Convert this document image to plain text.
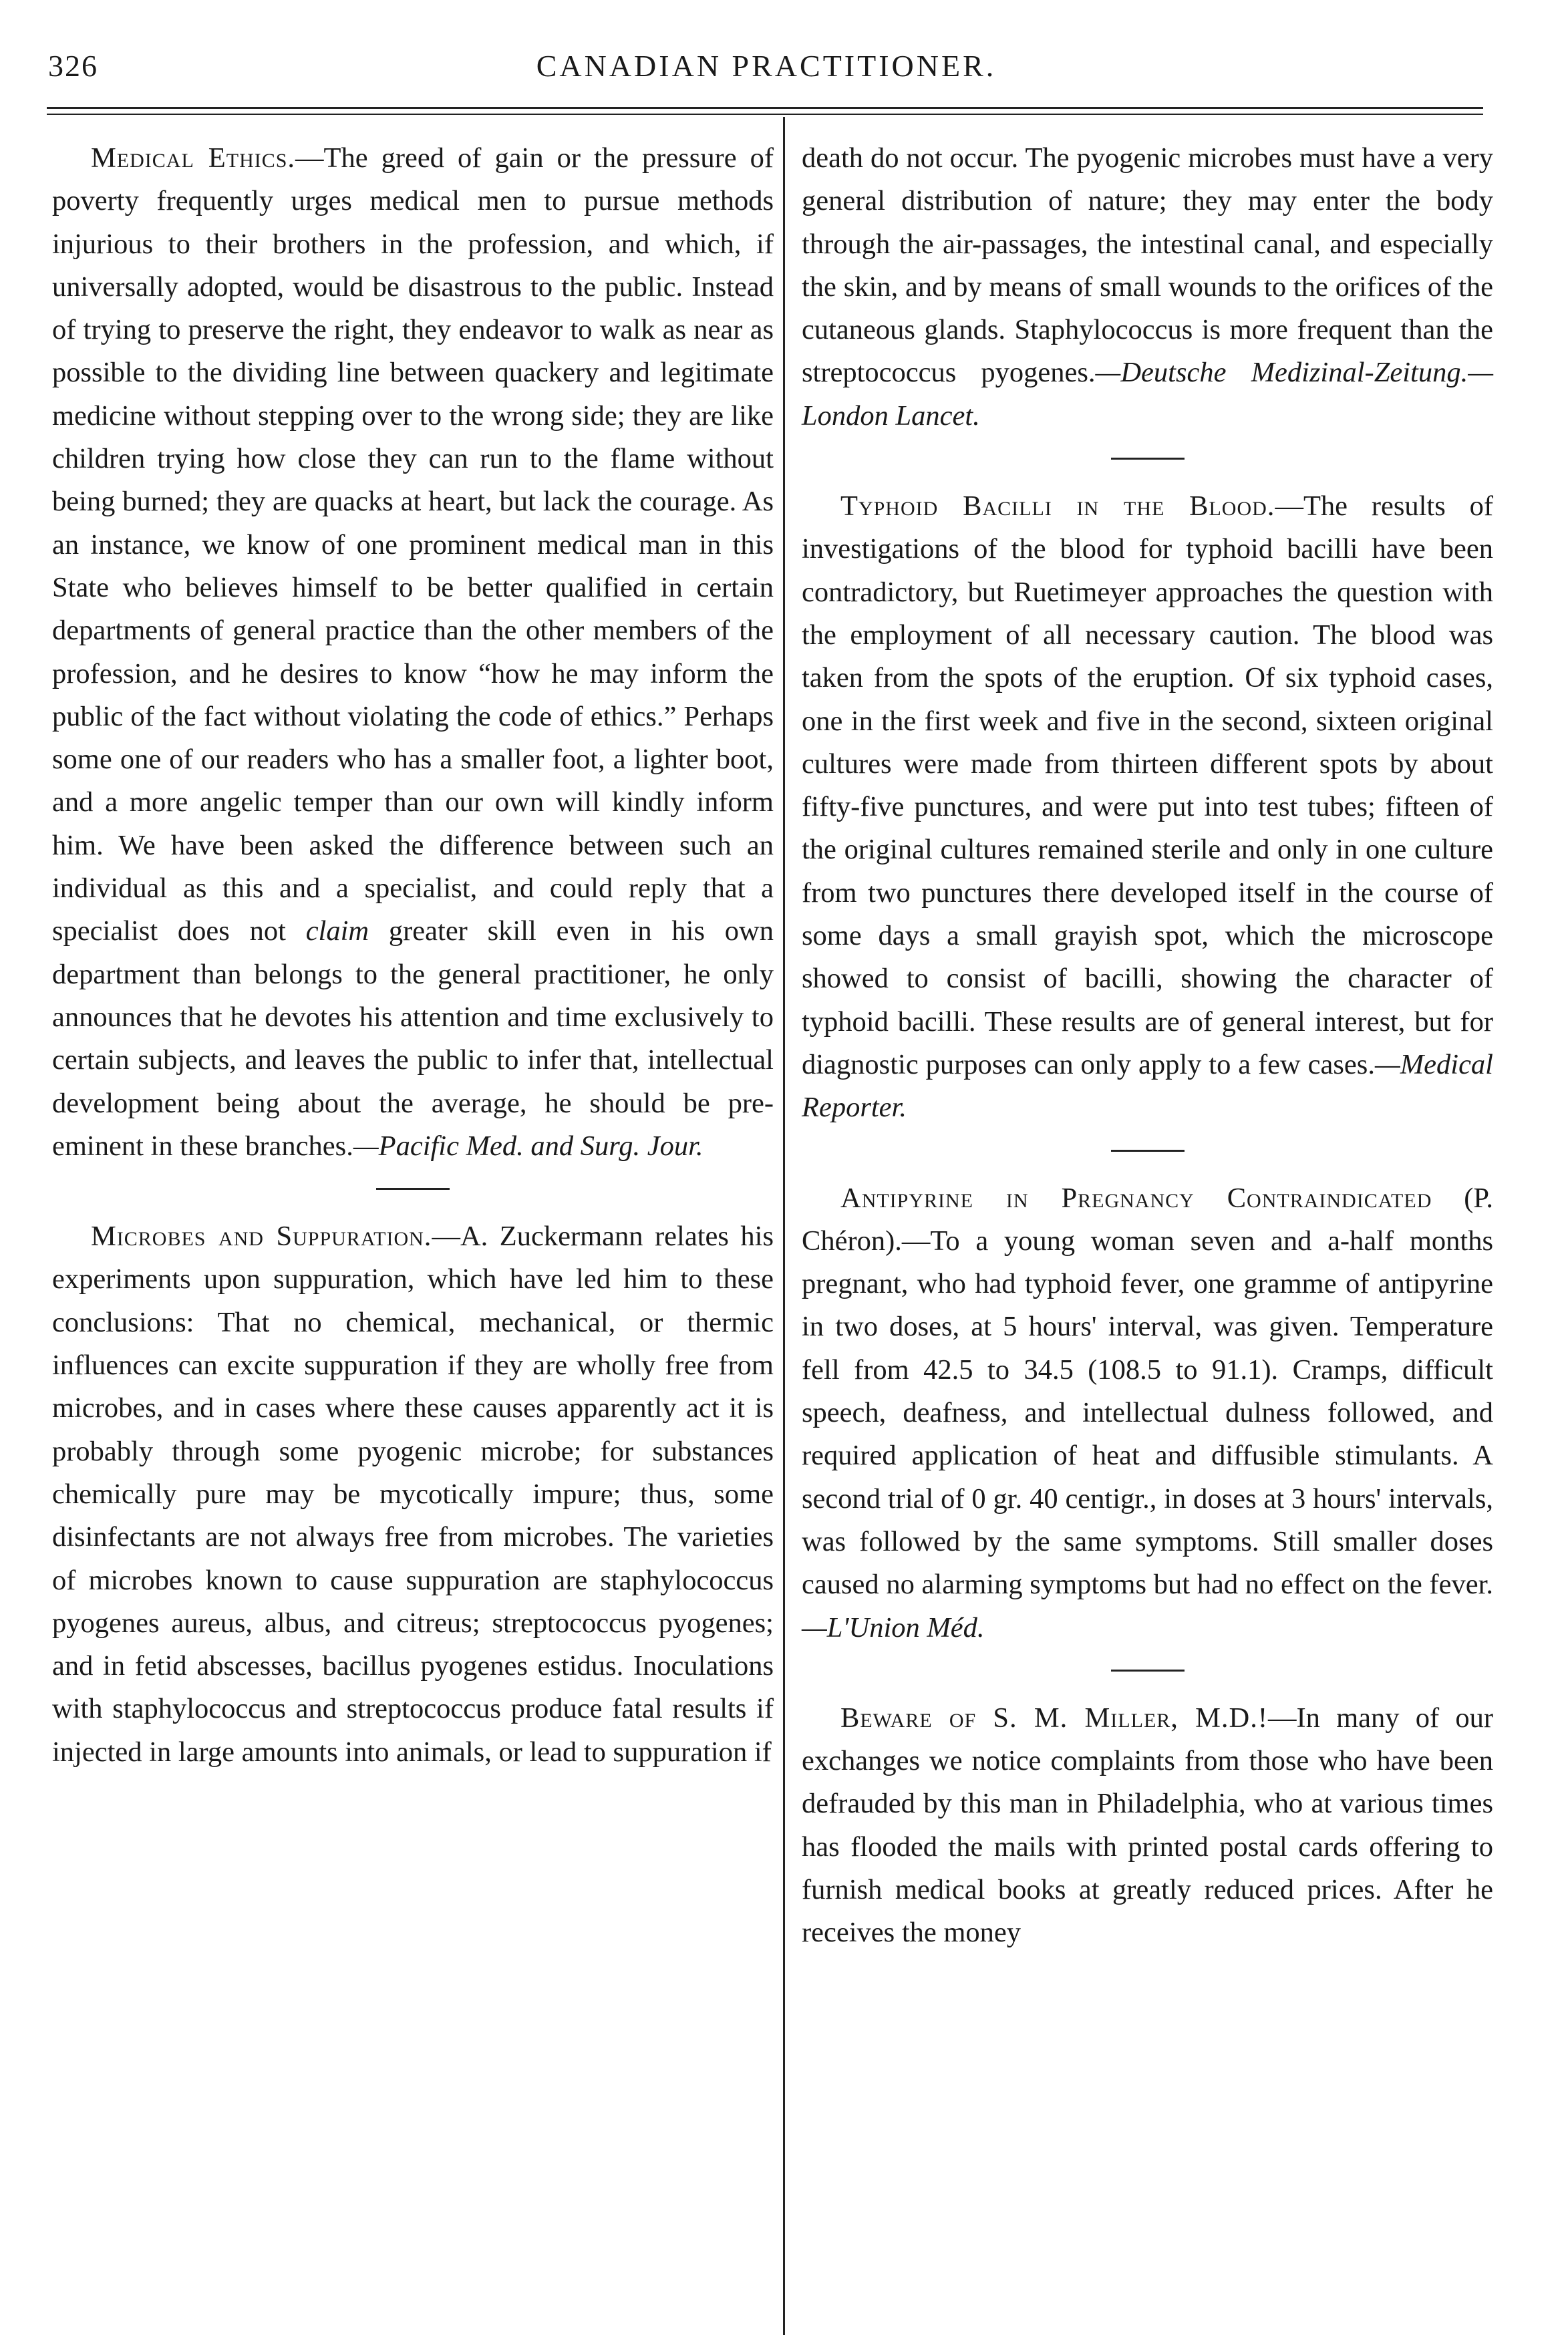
326	CANADIAN PRACTITIONER.

Medical Ethics.—The greed of gain or the pressure of poverty frequently urges medical men to pursue methods injurious to their brothers in the profession, and which, if universally adopted, would be disastrous to the public. Instead of trying to preserve the right, they endeavor to walk as near as possible to the dividing line between quackery and legitimate medicine without stepping over to the wrong side; they are like children trying how close they can run to the flame without being burned; they are quacks at heart, but lack the courage. As an instance, we know of one prominent medical man in this State who believes himself to be better qualified in certain departments of general practice than the other members of the profession, and he desires to know “how he may inform the public of the fact without violating the code of ethics.” Perhaps some one of our readers who has a smaller foot, a lighter boot, and a more angelic temper than our own will kindly inform him. We have been asked the difference between such an individual as this and a specialist, and could reply that a specialist does not claim greater skill even in his own department than belongs to the general practitioner, he only announces that he devotes his attention and time exclusively to certain subjects, and leaves the public to infer that, intellectual development being about the average, he should be pre-eminent in these branches.—Pacific Med. and Surg. Jour.

Microbes and Suppuration.—A. Zuckermann relates his experiments upon suppuration, which have led him to these conclusions: That no chemical, mechanical, or thermic influences can excite suppuration if they are wholly free from microbes, and in cases where these causes apparently act it is probably through some pyogenic microbe; for substances chemically pure may be mycotically impure; thus, some disinfectants are not always free from microbes. The varieties of microbes known to cause suppuration are staphylococcus pyogenes aureus, albus, and citreus; streptococcus pyogenes; and in fetid abscesses, bacillus pyogenes estidus. Inoculations with staphylococcus and streptococcus produce fatal results if injected in large amounts into animals, or lead to suppuration if

death do not occur. The pyogenic microbes must have a very general distribution of nature; they may enter the body through the air-passages, the intestinal canal, and especially the skin, and by means of small wounds to the orifices of the cutaneous glands. Staphylococcus is more frequent than the streptococcus pyogenes.—Deutsche Medizinal-Zeitung.—London Lancet.

Typhoid Bacilli in the Blood.—The results of investigations of the blood for typhoid bacilli have been contradictory, but Ruetimeyer approaches the question with the employment of all necessary caution. The blood was taken from the spots of the eruption. Of six typhoid cases, one in the first week and five in the second, sixteen original cultures were made from thirteen different spots by about fifty-five punctures, and were put into test tubes; fifteen of the original cultures remained sterile and only in one culture from two punctures there developed itself in the course of some days a small grayish spot, which the microscope showed to consist of bacilli, showing the character of typhoid bacilli. These results are of general interest, but for diagnostic purposes can only apply to a few cases.—Medical Reporter.

Antipyrine in Pregnancy Contraindicated (P. Chéron).—To a young woman seven and a-half months pregnant, who had typhoid fever, one gramme of antipyrine in two doses, at 5 hours' interval, was given. Temperature fell from 42.5 to 34.5 (108.5 to 91.1). Cramps, difficult speech, deafness, and intellectual dulness followed, and required application of heat and diffusible stimulants. A second trial of 0 gr. 40 centigr., in doses at 3 hours' intervals, was followed by the same symptoms. Still smaller doses caused no alarming symptoms but had no effect on the fever.—L'Union Méd.

Beware of S. M. Miller, M.D.!—In many of our exchanges we notice complaints from those who have been defrauded by this man in Philadelphia, who at various times has flooded the mails with printed postal cards offering to furnish medical books at greatly reduced prices. After he receives the money
